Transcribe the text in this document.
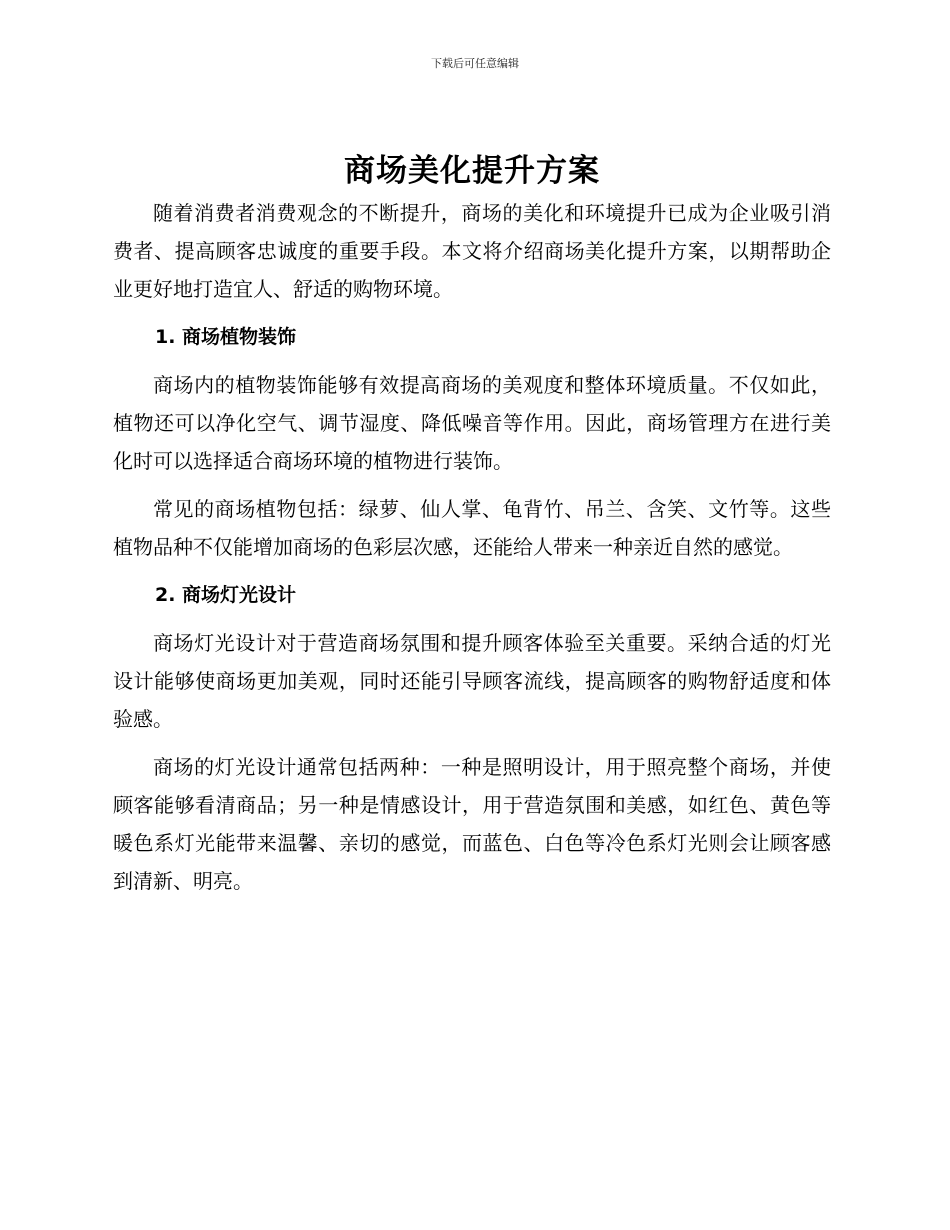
下载后可任意编辑
商场美化提升方案

随着消费者消费观念的不断提升，商场的美化和环境提升已成为企业吸引消费者、提高顾客忠诚度的重要手段。本文将介绍商场美化提升方案，以期帮助企业更好地打造宜人、舒适的购物环境。

1. 商场植物装饰

商场内的植物装饰能够有效提高商场的美观度和整体环境质量。不仅如此，植物还可以净化空气、调节湿度、降低噪音等作用。因此，商场管理方在进行美化时可以选择适合商场环境的植物进行装饰。

常见的商场植物包括：绿萝、仙人掌、龟背竹、吊兰、含笑、文竹等。这些植物品种不仅能增加商场的色彩层次感，还能给人带来一种亲近自然的感觉。

2. 商场灯光设计

商场灯光设计对于营造商场氛围和提升顾客体验至关重要。采纳合适的灯光设计能够使商场更加美观，同时还能引导顾客流线，提高顾客的购物舒适度和体验感。

商场的灯光设计通常包括两种：一种是照明设计，用于照亮整个商场，并使顾客能够看清商品；另一种是情感设计，用于营造氛围和美感，如红色、黄色等暖色系灯光能带来温馨、亲切的感觉，而蓝色、白色等冷色系灯光则会让顾客感到清新、明亮。
